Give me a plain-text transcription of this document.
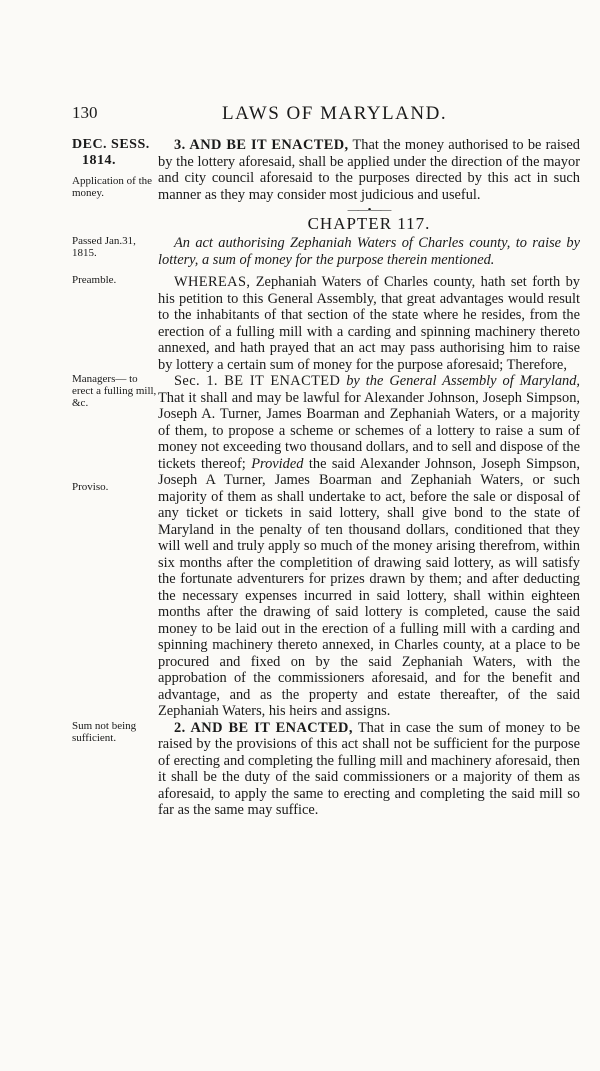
130	LAWS OF MARYLAND.
DEC. SESS.
1814.
Application of the money.

3. AND BE IT ENACTED, That the money authorised to be raised by the lottery aforesaid, shall be applied under the direction of the mayor and city council aforesaid to the purposes directed by this act in such manner as they may consider most judicious and useful.

——•——
CHAPTER 117.
Passed Jan.31, 1815.

An act authorising Zephaniah Waters of Charles county, to raise by lottery, a sum of money for the purpose therein mentioned.

Preamble.	WHEREAS, Zephaniah Waters of Charles county, hath set forth by his petition to this General Assembly, that great advantages would result to the inhabitants of that section of the state where he resides, from the erection of a fulling mill with a carding and spinning machinery thereto annexed, and hath prayed that an act may pass authorising him to raise by lottery a certain sum of money for the purpose aforesaid; Therefore,

Managers— to erect a fulling mill, &c.
Proviso.

Sec. 1. BE IT ENACTED by the General Assembly of Maryland, That it shall and may be lawful for Alexander Johnson, Joseph Simpson, Joseph A. Turner, James Boarman and Zephaniah Waters, or a majority of them, to propose a scheme or schemes of a lottery to raise a sum of money not exceeding two thousand dollars, and to sell and dispose of the tickets thereof; Provided the said Alexander Johnson, Joseph Simpson, Joseph A Turner, James Boarman and Zephaniah Waters, or such majority of them as shall undertake to act, before the sale or disposal of any ticket or tickets in said lottery, shall give bond to the state of Maryland in the penalty of ten thousand dollars, conditioned that they will well and truly apply so much of the money arising therefrom, within six months after the completition of drawing said lottery, as will satisfy the fortunate adventurers for prizes drawn by them; and after deducting the necessary expenses incurred in said lottery, shall within eighteen months after the drawing of said lottery is completed, cause the said money to be laid out in the erection of a fulling mill with a carding and spinning machinery thereto annexed, in Charles county, at a place to be procured and fixed on by the said Zephaniah Waters, with the approbation of the commissioners aforesaid, and for the benefit and advantage, and as the property and estate thereafter, of the said Zephaniah Waters, his heirs and assigns.

Sum not being sufficient.

2. AND BE IT ENACTED, That in case the sum of money to be raised by the provisions of this act shall not be sufficient for the purpose of erecting and completing the fulling mill and machinery aforesaid, then it shall be the duty of the said commissioners or a majority of them as aforesaid, to apply the same to erecting and completing the said mill so far as the same may suffice.
